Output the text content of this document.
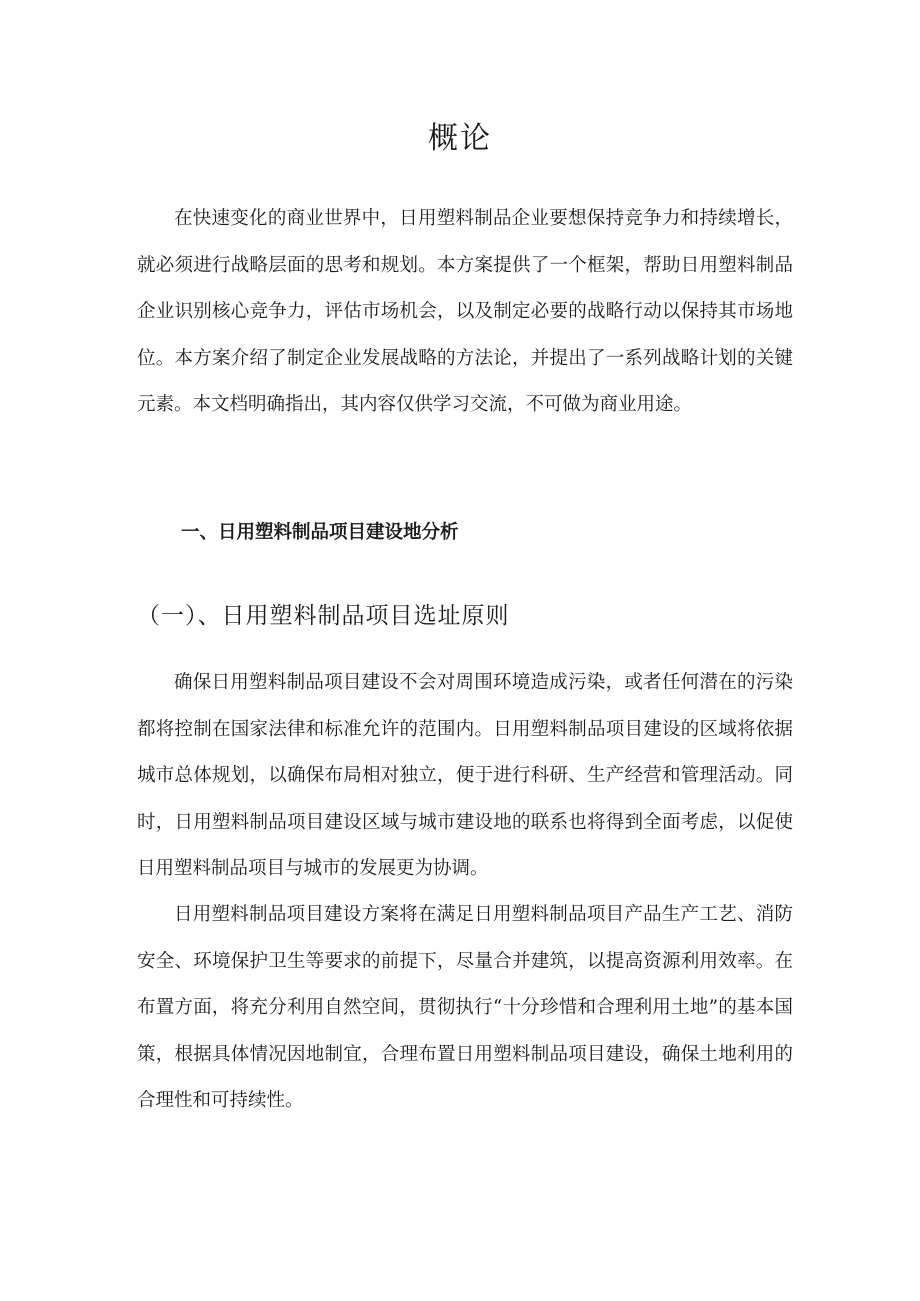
概论

在快速变化的商业世界中，日用塑料制品企业要想保持竞争力和持续增长，就必须进行战略层面的思考和规划。本方案提供了一个框架，帮助日用塑料制品企业识别核心竞争力，评估市场机会，以及制定必要的战略行动以保持其市场地位。本方案介绍了制定企业发展战略的方法论，并提出了一系列战略计划的关键元素。本文档明确指出，其内容仅供学习交流，不可做为商业用途。

一、日用塑料制品项目建设地分析
（一）、日用塑料制品项目选址原则

确保日用塑料制品项目建设不会对周围环境造成污染，或者任何潜在的污染都将控制在国家法律和标准允许的范围内。日用塑料制品项目建设的区域将依据城市总体规划，以确保布局相对独立，便于进行科研、生产经营和管理活动。同时，日用塑料制品项目建设区域与城市建设地的联系也将得到全面考虑，以促使日用塑料制品项目与城市的发展更为协调。

日用塑料制品项目建设方案将在满足日用塑料制品项目产品生产工艺、消防安全、环境保护卫生等要求的前提下，尽量合并建筑，以提高资源利用效率。在布置方面，将充分利用自然空间，贯彻执行“十分珍惜和合理利用土地”的基本国策，根据具体情况因地制宜，合理布置日用塑料制品项目建设，确保土地利用的合理性和可持续性。
